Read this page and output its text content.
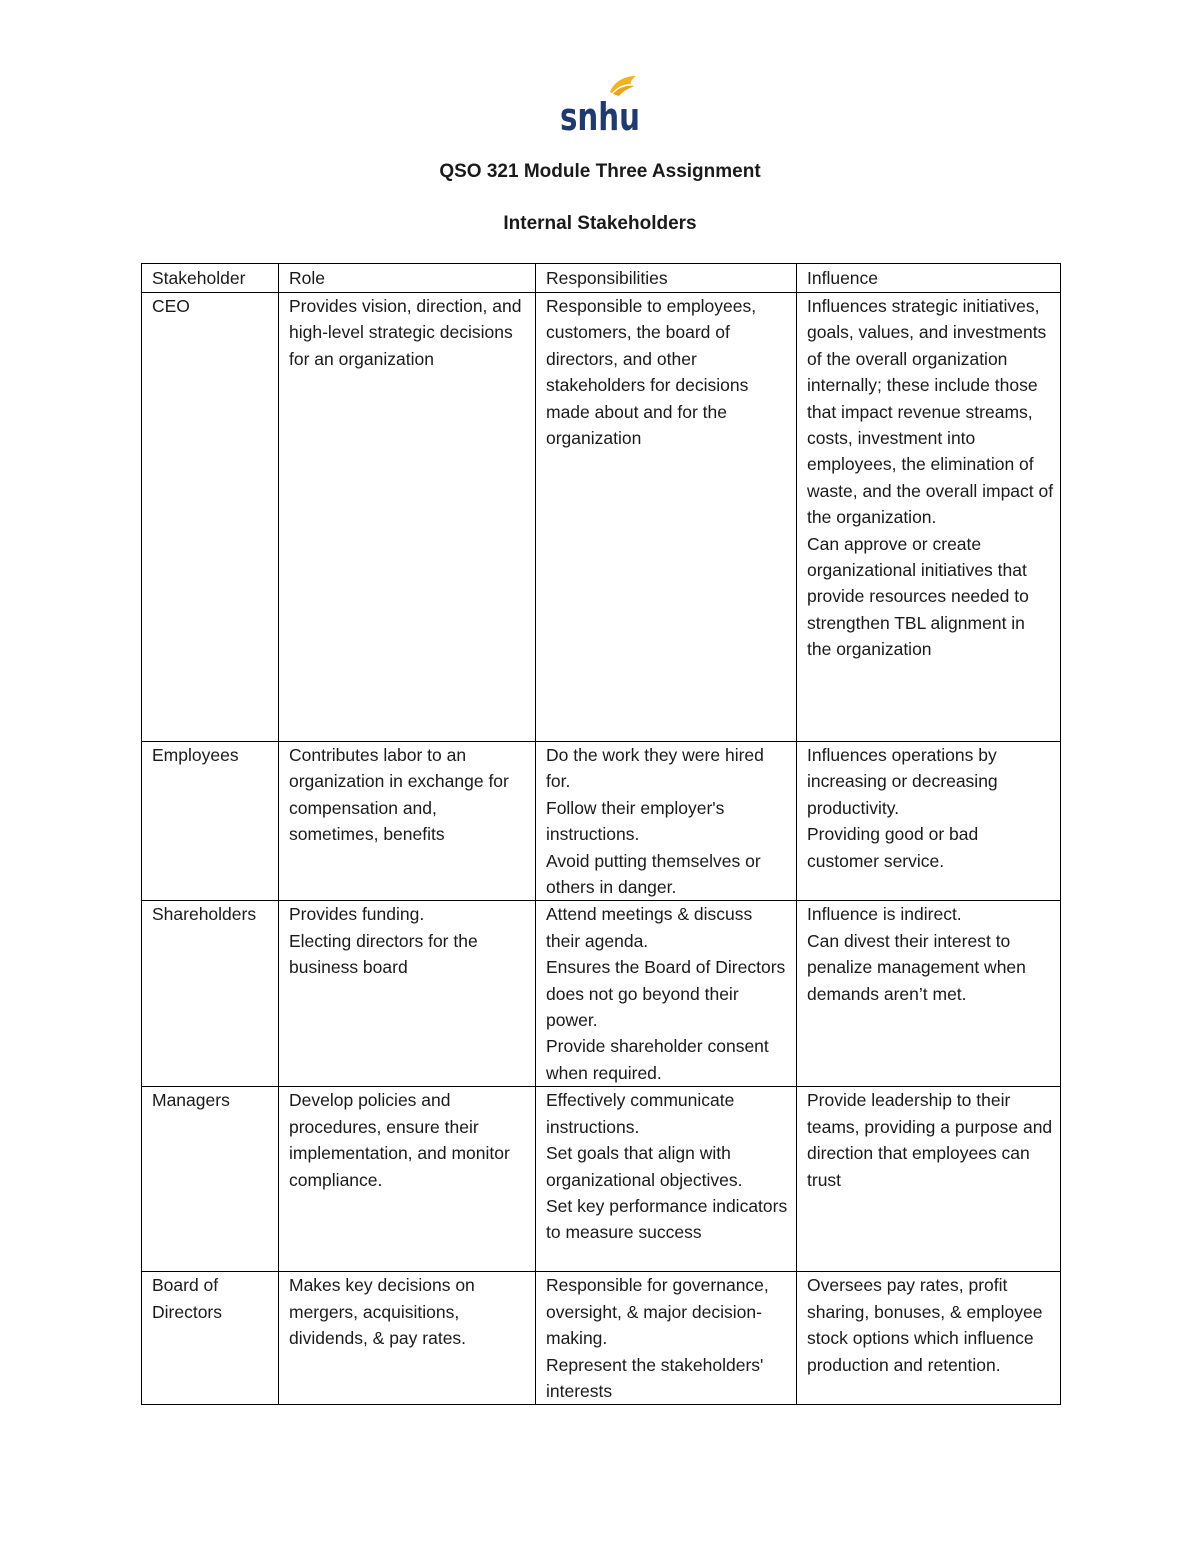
snhu
QSO 321 Module Three Assignment
Internal Stakeholders
Stakeholder	Role	Responsibilities	Influence
CEO	Provides vision, direction, and high-level strategic decisions for an organization	Responsible to employees, customers, the board of directors, and other stakeholders for decisions made about and for the organization	Influences strategic initiatives, goals, values, and investments of the overall organization internally; these include those that impact revenue streams, costs, investment into employees, the elimination of waste, and the overall impact of the organization.
Can approve or create organizational initiatives that provide resources needed to strengthen TBL alignment in the organization
Employees	Contributes labor to an organization in exchange for compensation and, sometimes, benefits	Do the work they were hired for.
Follow their employer's instructions.
Avoid putting themselves or others in danger.	Influences operations by increasing or decreasing productivity.
Providing good or bad customer service.
Shareholders	Provides funding.
Electing directors for the business board	Attend meetings & discuss their agenda.
Ensures the Board of Directors does not go beyond their power.
Provide shareholder consent when required.	Influence is indirect.
Can divest their interest to penalize management when demands aren’t met.
Managers	Develop policies and procedures, ensure their implementation, and monitor compliance.	Effectively communicate instructions.
Set goals that align with organizational objectives.
Set key performance indicators to measure success	Provide leadership to their teams, providing a purpose and direction that employees can trust
Board of Directors	Makes key decisions on mergers, acquisitions, dividends, & pay rates.	Responsible for governance, oversight, & major decision-making.
Represent the stakeholders' interests	Oversees pay rates, profit sharing, bonuses, & employee stock options which influence production and retention.
